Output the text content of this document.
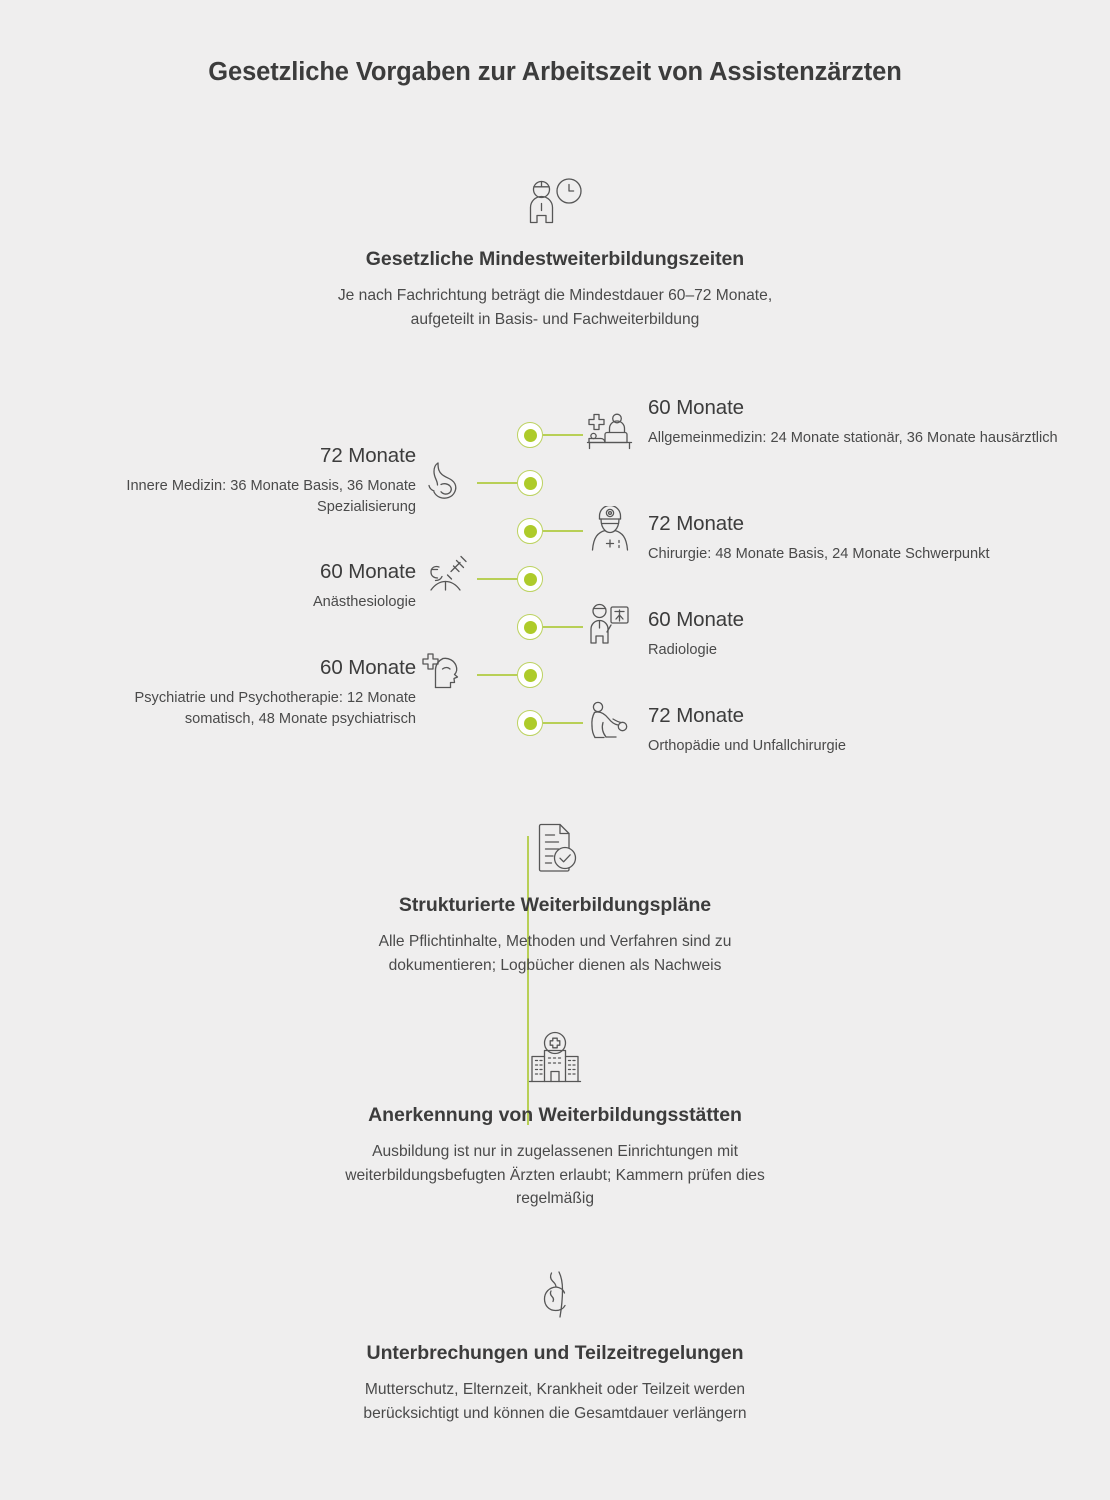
Gesetzliche Vorgaben zur Arbeitszeit von Assistenzärzten
Gesetzliche Mindestweiterbildungszeiten
Je nach Fachrichtung beträgt die Mindestdauer 60–72 Monate,
aufgeteilt in Basis- und Fachweiterbildung
60 Monate
Allgemeinmedizin: 24 Monate stationär, 36 Monate hausärztlich
72 Monate
Innere Medizin: 36 Monate Basis, 36 Monate Spezialisierung
72 Monate
Chirurgie: 48 Monate Basis, 24 Monate Schwerpunkt
60 Monate
Anästhesiologie
60 Monate
Radiologie
60 Monate
Psychiatrie und Psychotherapie: 12 Monate somatisch, 48 Monate psychiatrisch	72 Monate
Orthopädie und Unfallchirurgie
Strukturierte Weiterbildungspläne
Alle Pflichtinhalte, Methoden und Verfahren sind zu
dokumentieren; Logbücher dienen als Nachweis
Anerkennung von Weiterbildungsstätten
Ausbildung ist nur in zugelassenen Einrichtungen mit
weiterbildungsbefugten Ärzten erlaubt; Kammern prüfen dies
regelmäßig
Unterbrechungen und Teilzeitregelungen
Mutterschutz, Elternzeit, Krankheit oder Teilzeit werden
berücksichtigt und können die Gesamtdauer verlängern
